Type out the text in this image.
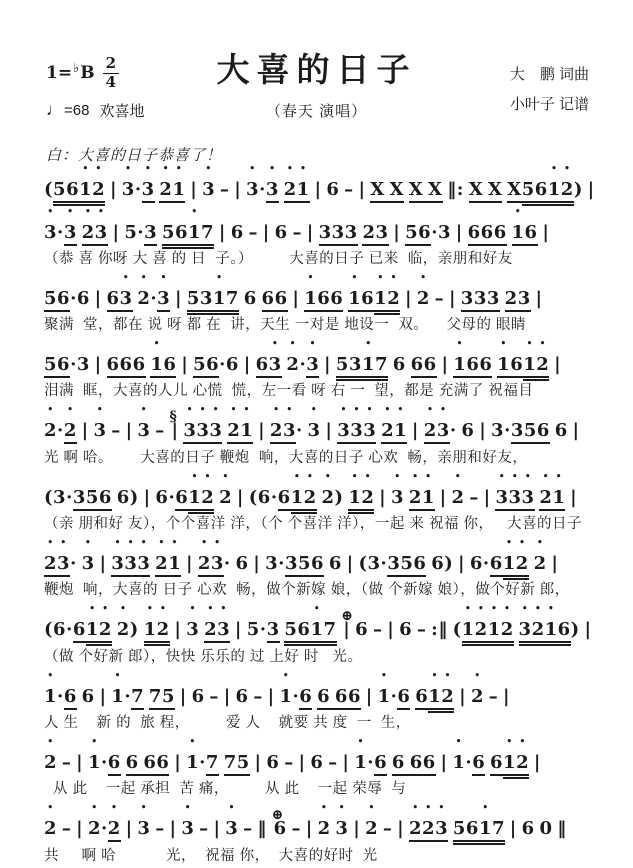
1= ♭ B $\frac{2}{4}$
♩ =68 欢喜地
大喜的日子
（春天 演唱）
大　鹏 词曲
小叶子 记谱
白：大喜的日子恭喜了！
(561 •2 • | 3 •·3 • 2 •1 • | 3 • – | 3 •·3 • 2 •1 • | 6 – | X X X X ‖: X X X561 •2 •) |
3 •·3 • 2 •3 • | 5·3 561 •7 | 6 – | 6 – | 333 23 | 56·3 | 666 1 •6 |
（恭 喜 你呀 大 喜 的 日  子。）        大喜的日子 已来  临，亲朋和好友
56·6 | 63 • 2 •·3 • | 531 •7 6 66 | 1 •66 1 •61 •2 • | 2 • – | 333 23 |
聚满  堂，都在 说 呀 都 在  讲，天生 一对是 地设一  双。    父母的 眼睛
56·3 | 666 1 •6 | 56·6 | 63 • 2 •·3 • | 531 •7 6 66 | 1 •66 1 •61 •2 • |
泪满  眶，大喜的人儿 心慌  慌，左一看 呀 右 一  望，都是 充满了 祝福目
2 •·2 • | 3 • – | 3 • – §| 3 •3 •3 • 2 •1 • | 2 •3 •· 3 • | 3 •3 •3 • 2 •1 • | 2 •3 •· 6 | 3·356 6 |
光 啊 哈。      大喜的日子 鞭炮  响，大喜的日子 心欢  畅，亲朋和好友，
(3·356 6) | 6·61 •2 • 2 • | (6·61 •2 • 2 •) 1 •2 • | 3 • 2 •1 • | 2 • – | 3 •3 •3 • 2 •1 • |
（亲 朋和好 友），个个喜洋 洋，（个 个喜洋 洋），一起 来 祝福 你，   大喜的日子
2 •3 •· 3 • | 3 •3 •3 • 2 •1 • | 2 •3 •· 6 | 3·356 6 | (3·356 6) | 6·61 •2 • 2 • |
鞭炮  响，大喜的 日子 心欢  畅，做个新嫁 娘，（做 个新嫁 娘），做个好新 郎，
(6·61 •2 • 2 •) 1 •2 • | 3 • 2 •3 • | 5·3 561 •7 ⊕| 6 – | 6 – :‖ (1 •2 •1 •2 • 3 •2 •1 •6) |
（做 个好新 郎），快快 乐乐的 过 上好 时   光。
1 •·6 6 | 1 •·7 75 | 6 – | 6 – | 1 •·6 6 66 | 1 •·6 61 •2 • | 2 • – |
人 生    新 的  旅 程，        爱 人    就要 共 度  一  生，
2 • – | 1 •·6 6 66 | 1 •·7 75 | 6 – | 6 – | 1 •·6 6 66 | 1 •·6 61 •2 • |
从 此    一起 承担  苦 痛，        从 此    一起 荣辱  与
2 • – | 2 •·2 • | 3 • – | 3 • – | 3 • – ‖ ⊕6 – | 2 • 3 • | 2 • – | 2 •2 •3 • 561 •7 | 6 0 ‖
共     啊 哈           光，  祝福 你，  大喜的好时  光
